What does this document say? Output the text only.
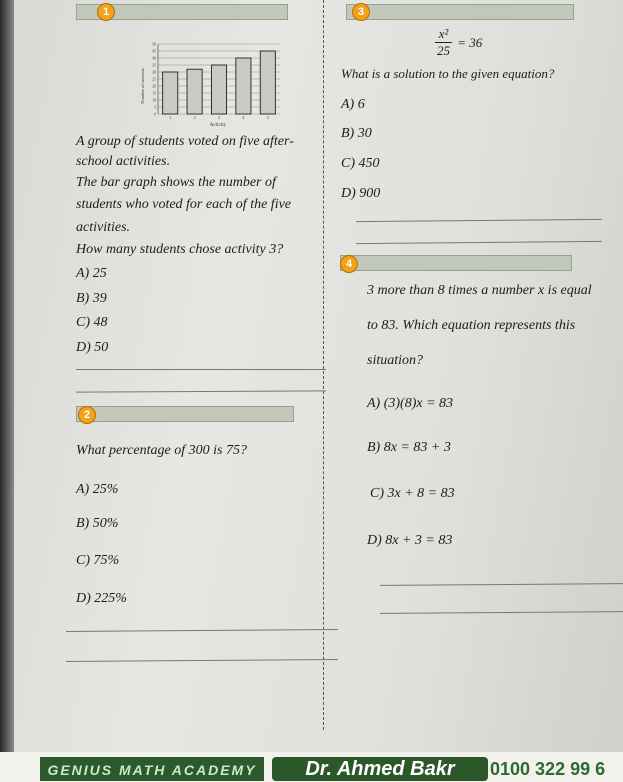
1	3
0
5
10
15
20
25
30
35
40
45
50
1	2	3	4	5
Number of students
Activity
A group of students voted on five after-
school activities.
The bar graph shows the number of
students who voted for each of the five
activities.
How many students chose activity 3?
A) 25
B) 39
C) 48
D) 50
2
What percentage of 300 is 75?
A) 25%
B) 50%
C) 75%
D) 225%
$\frac{\text{x²}}{25} = 36$
What is a solution to the given equation?
A) 6
B) 30
C) 450
D) 900
4
3 more than 8 times a number x is equal
to 83. Which equation represents this
situation?
A) (3)(8)x = 83
B) 8x = 83 + 3
C) 3x + 8 = 83
D) 8x + 3 = 83
GENIUS MATH ACADEMY	Dr. Ahmed Bakr	0100 322 99 6
